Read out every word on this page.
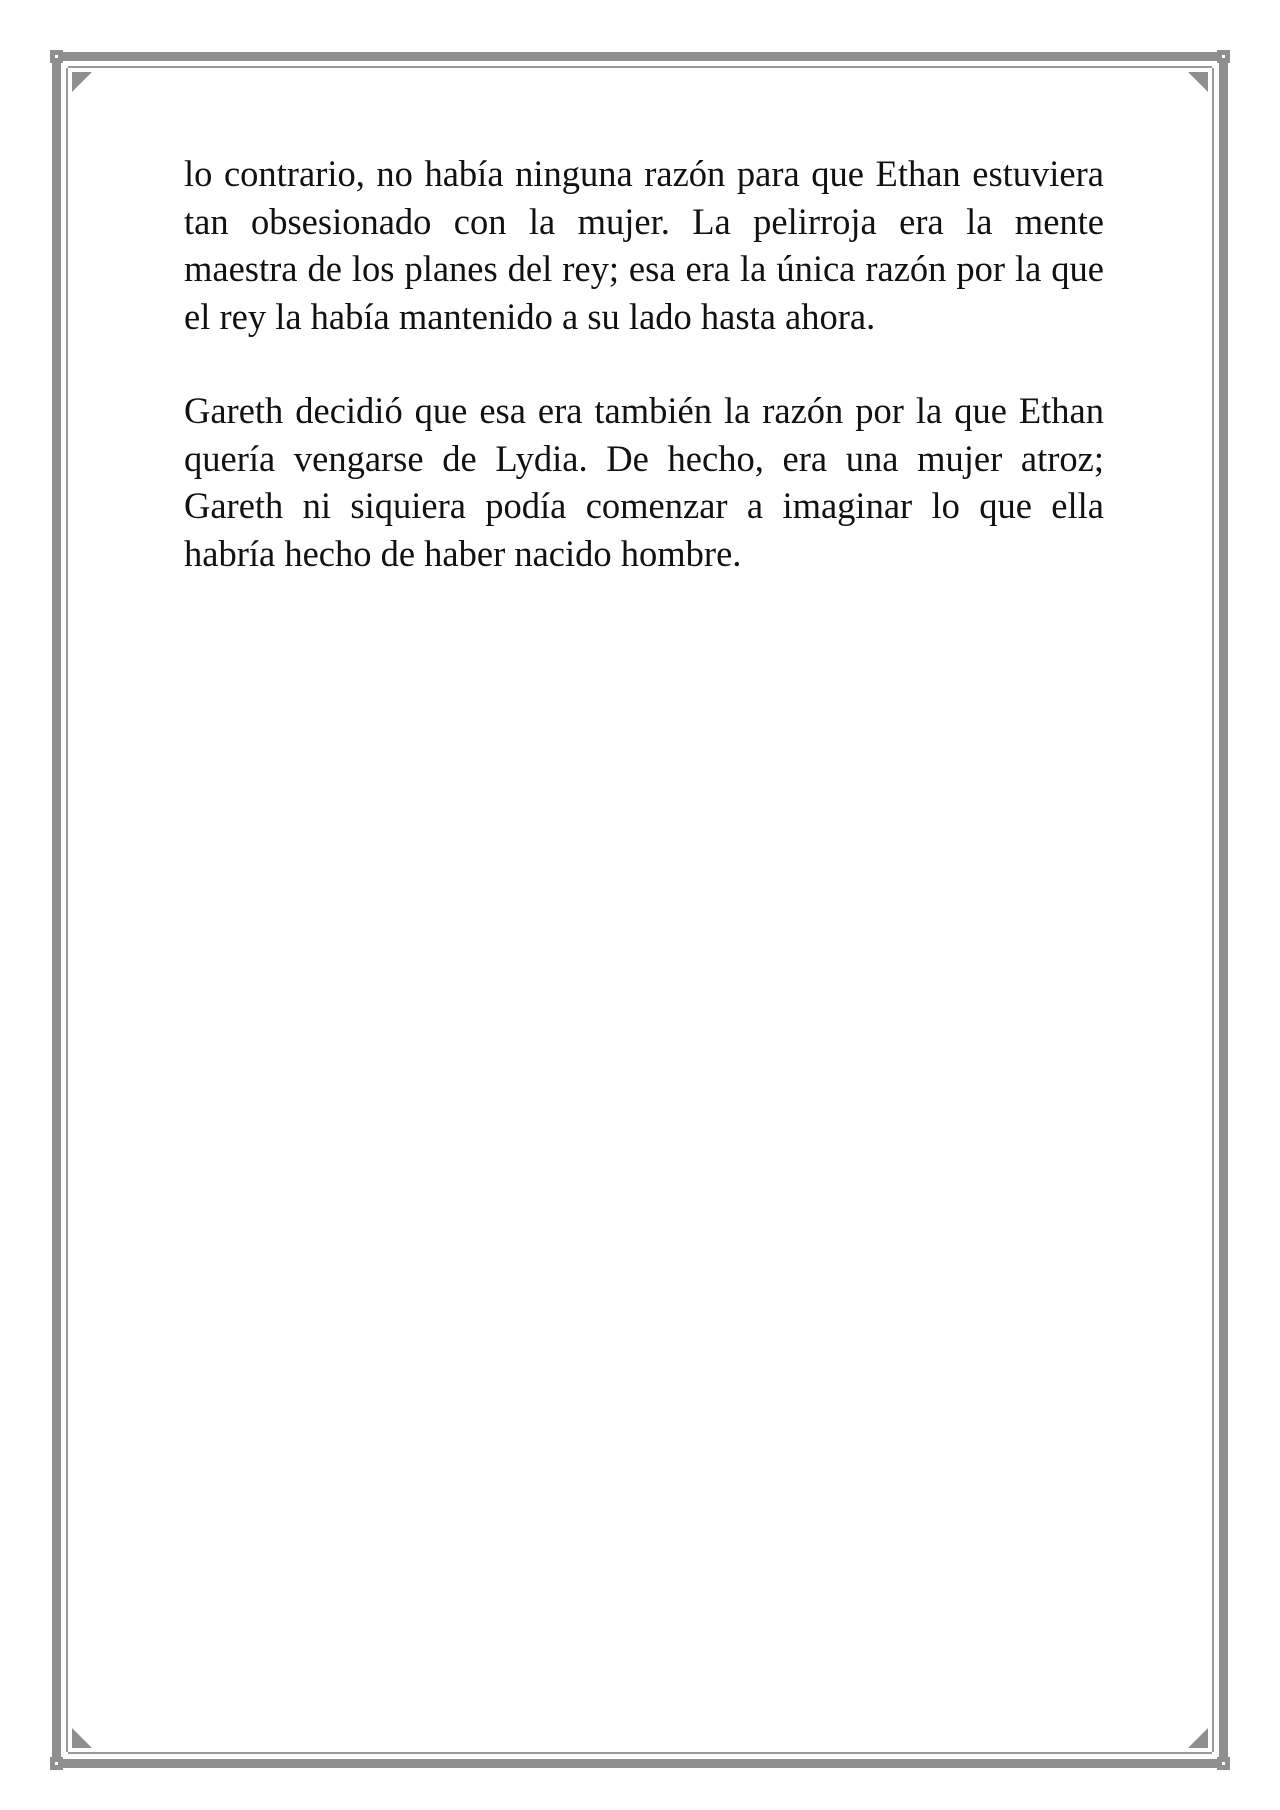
lo contrario, no había ninguna razón para que Ethan estuviera tan obsesionado con la mujer. La pelirroja era la mente maestra de los planes del rey; esa era la única razón por la que el rey la había mantenido a su lado hasta ahora.

Gareth decidió que esa era también la razón por la que Ethan quería vengarse de Lydia. De hecho, era una mujer atroz; Gareth ni siquiera podía comenzar a imaginar lo que ella habría hecho de haber nacido hombre.
